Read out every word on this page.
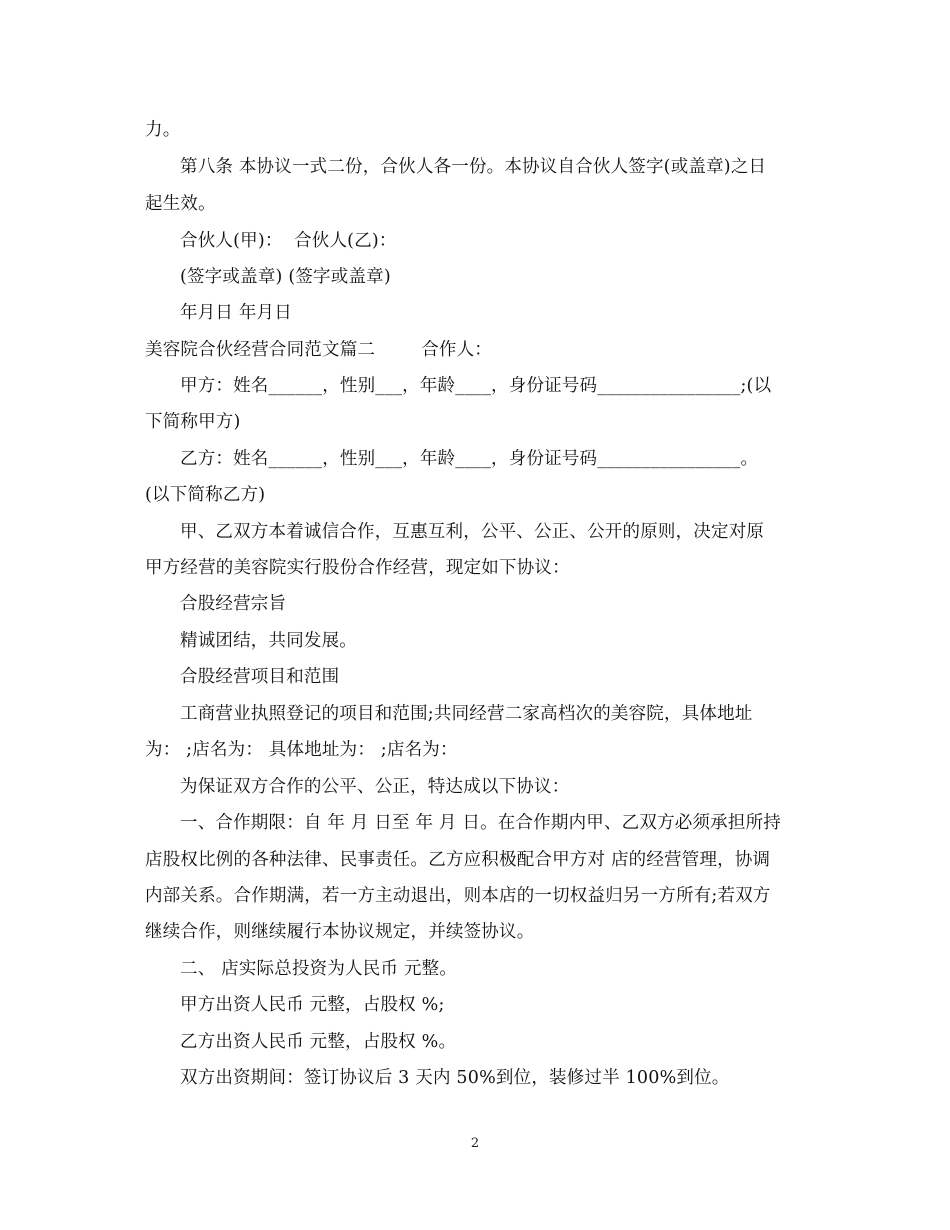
力。
第八条 本协议一式二份，合伙人各一份。本协议自合伙人签字(或盖章)之日
起生效。
合伙人(甲)：  合伙人(乙)：
(签字或盖章) (签字或盖章)
年月日 年月日
美容院合伙经营合同范文篇二        合作人：
甲方：姓名______，性别___，年龄____，身份证号码________________;(以
下简称甲方)
乙方：姓名______，性别___，年龄____，身份证号码________________。
(以下简称乙方)
甲、乙双方本着诚信合作，互惠互利，公平、公正、公开的原则，决定对原
甲方经营的美容院实行股份合作经营，现定如下协议：
合股经营宗旨
精诚团结，共同发展。
合股经营项目和范围
工商营业执照登记的项目和范围;共同经营二家高档次的美容院，具体地址
为： ;店名为： 具体地址为： ;店名为：
为保证双方合作的公平、公正，特达成以下协议：
一、合作期限：自 年 月 日至 年 月 日。在合作期内甲、乙双方必须承担所持
店股权比例的各种法律、民事责任。乙方应积极配合甲方对 店的经营管理，协调
内部关系。合作期满，若一方主动退出，则本店的一切权益归另一方所有;若双方
继续合作，则继续履行本协议规定，并续签协议。
二、 店实际总投资为人民币 元整。
甲方出资人民币 元整，占股权 %;
乙方出资人民币 元整，占股权 %。
双方出资期间：签订协议后 3 天内 50%到位，装修过半 100%到位。
2
